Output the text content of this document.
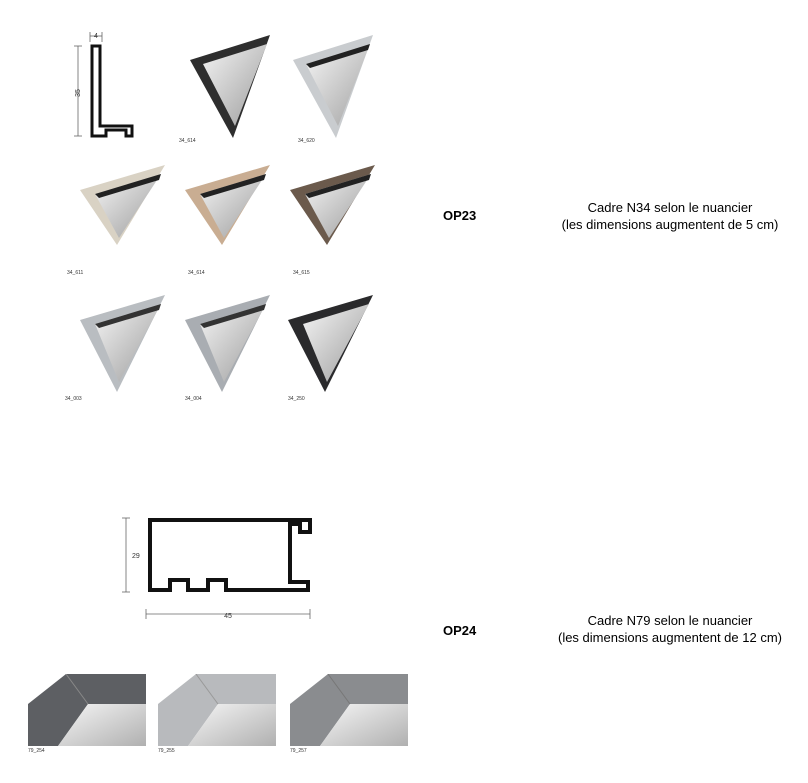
35
4
34_614	34_620
34_611	34_614	34_615
34_003	34_004	34_250
OP23
Cadre N34 selon le nuancier
(les dimensions augmentent de 5 cm)
29
45
79_254	79_255	79_257
OP24
Cadre N79 selon le nuancier
(les dimensions augmentent de 12 cm)
